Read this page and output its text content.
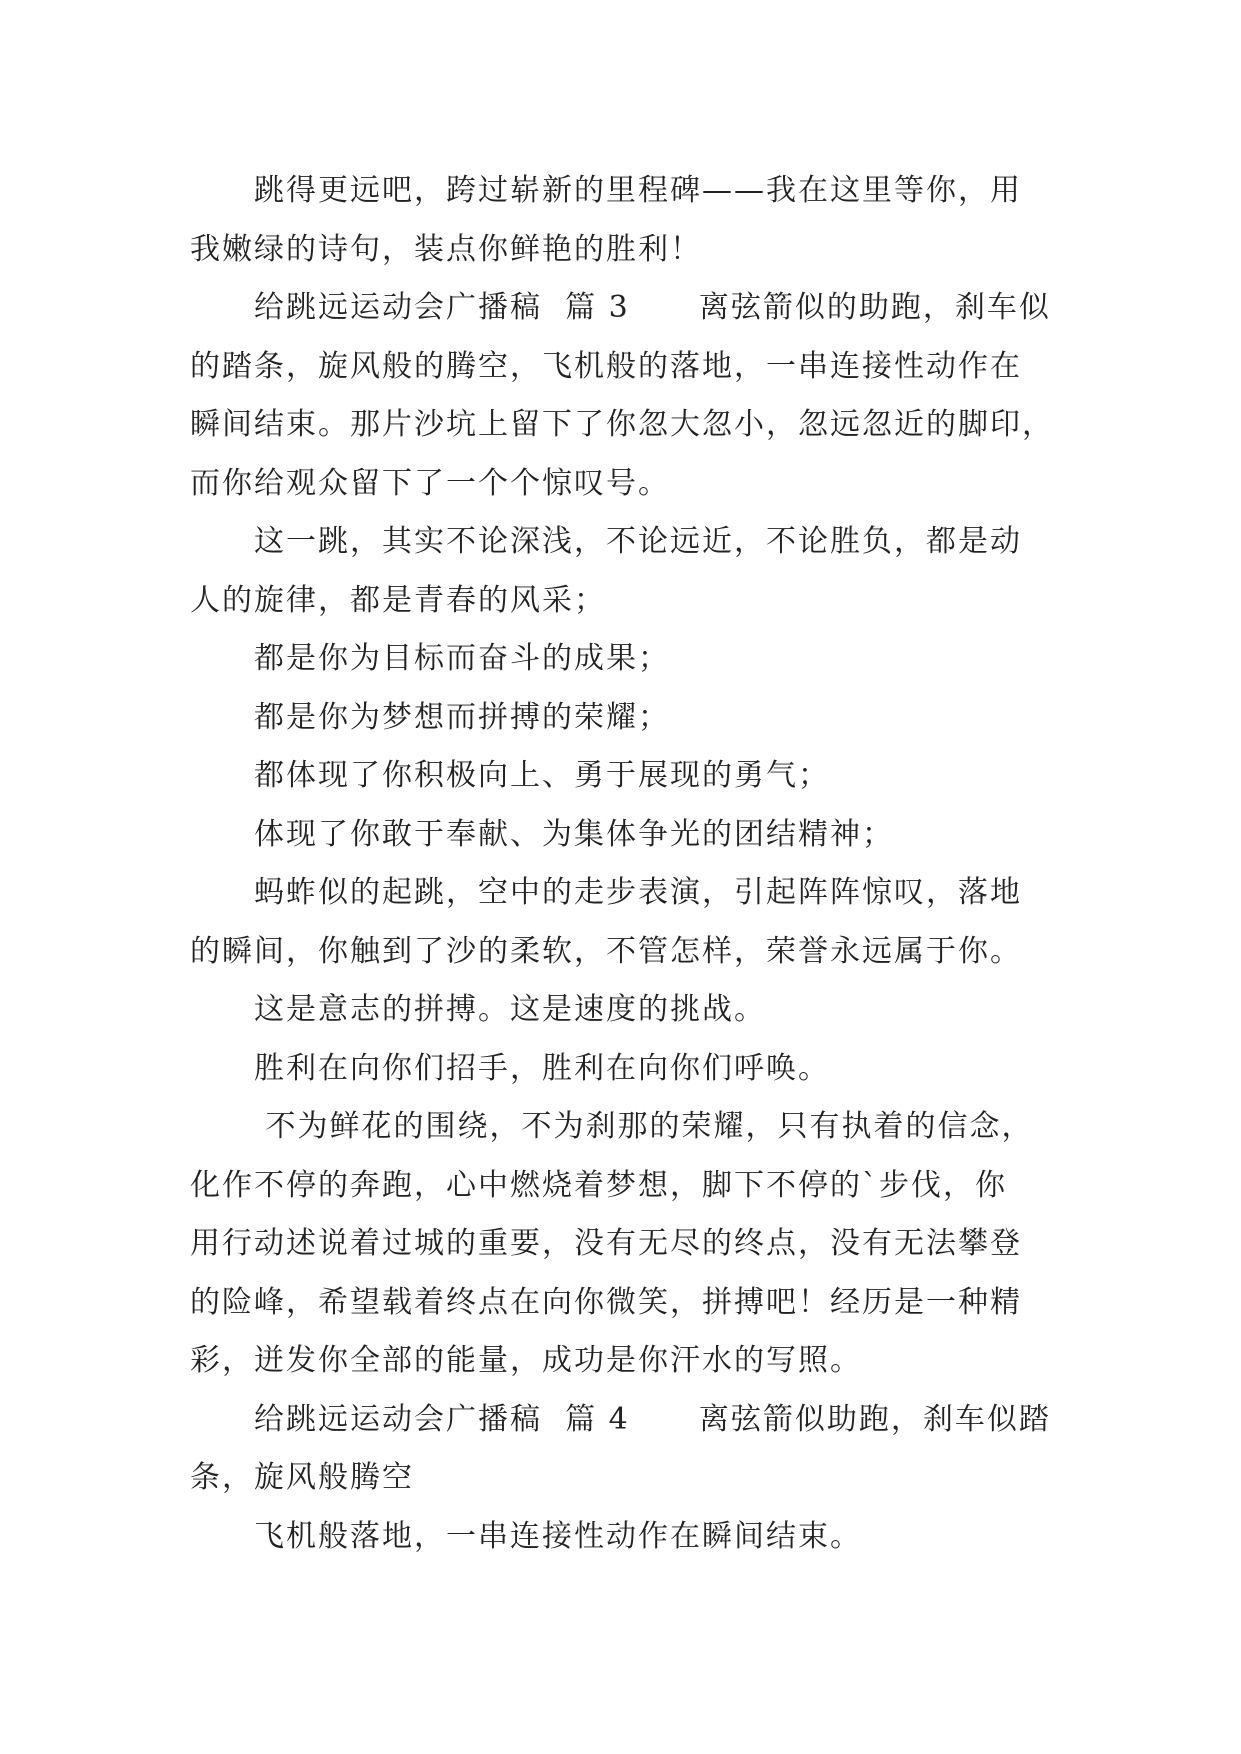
跳得更远吧，跨过崭新的里程碑——我在这里等你，用
我嫩绿的诗句，装点你鲜艳的胜利！
给跳远运动会广播稿  篇 3      离弦箭似的助跑，刹车似
的踏条，旋风般的腾空，飞机般的落地，一串连接性动作在
瞬间结束。那片沙坑上留下了你忽大忽小，忽远忽近的脚印，
而你给观众留下了一个个惊叹号。
这一跳，其实不论深浅，不论远近，不论胜负，都是动
人的旋律，都是青春的风采；
都是你为目标而奋斗的成果；
都是你为梦想而拼搏的荣耀；
都体现了你积极向上、勇于展现的勇气；
体现了你敢于奉献、为集体争光的团结精神；
蚂蚱似的起跳，空中的走步表演，引起阵阵惊叹，落地
的瞬间，你触到了沙的柔软，不管怎样，荣誉永远属于你。
这是意志的拼搏。这是速度的挑战。
胜利在向你们招手，胜利在向你们呼唤。
不为鲜花的围绕，不为刹那的荣耀，只有执着的信念，
化作不停的奔跑，心中燃烧着梦想，脚下不停的`步伐，你
用行动述说着过城的重要，没有无尽的终点，没有无法攀登
的险峰，希望载着终点在向你微笑，拼搏吧！经历是一种精
彩，迸发你全部的能量，成功是你汗水的写照。
给跳远运动会广播稿  篇 4      离弦箭似助跑，刹车似踏
条，旋风般腾空
飞机般落地，一串连接性动作在瞬间结束。
